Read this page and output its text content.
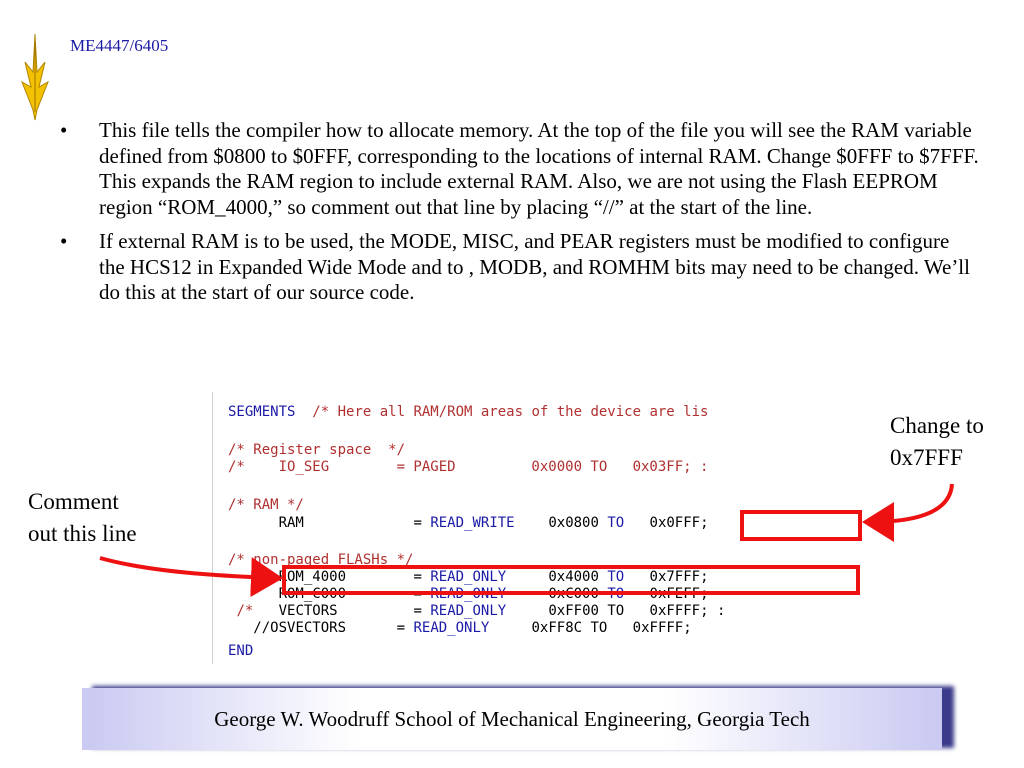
ME4447/6405
• This file tells the compiler how to allocate memory. At the top of the file you will see the RAM variable defined from $0800 to $0FFF, corresponding to the locations of internal RAM. Change $0FFF to $7FFF. This expands the RAM region to include external RAM. Also, we are not using the Flash EEPROM region “ROM_4000,” so comment out that line by placing “//” at the start of the line.
• If external RAM is to be used, the MODE, MISC, and PEAR registers must be modified to configure the HCS12 in Expanded Wide Mode and to , MODB, and ROMHM bits may need to be changed. We’ll do this at the start of our source code.
SEGMENTS /* Here all RAM/ROM areas of the device are lis
/* Register space  */
/*    IO_SEG        = PAGED         0x0000 TO   0x03FF; :
/* RAM */
RAM	= READ_WRITE 0x0800 TO 0x0FFF;
/* non-paged FLASHs */
ROM_4000	= READ_ONLY	0x4000 TO 0x7FFF;
ROM_C000	= READ_ONLY	0xC000 TO 0xFEFF;
/* VECTORS	= READ_ONLY	0xFF00 TO 0xFFFF; :
//OSVECTORS	= READ_ONLY	0xFF8C TO 0xFFFF;
END
Change to
0x7FFF
Comment
out this line
George W. Woodruff School of Mechanical Engineering, Georgia Tech
